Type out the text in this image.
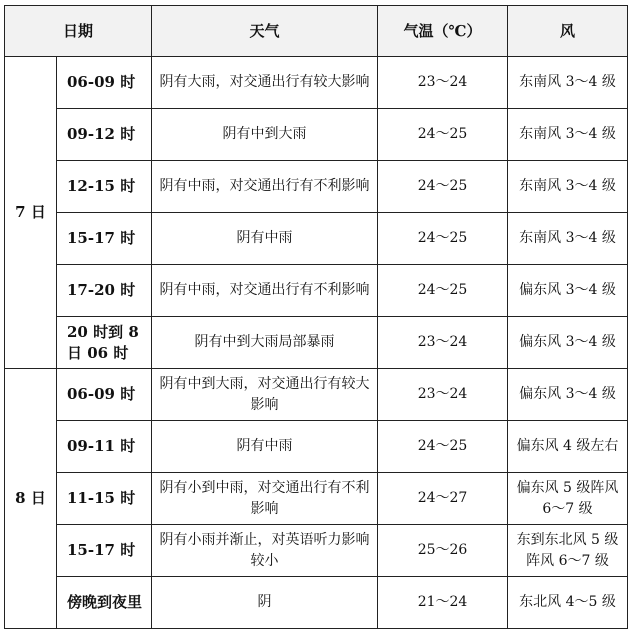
日期		天气	气温（℃）	风
7 日	06-09 时	阴有大雨，对交通出行有较大影响	23～24	东南风 3～4 级
	09-12 时	阴有中到大雨	24～25	东南风 3～4 级
	12-15 时	阴有中雨，对交通出行有不利影响	24～25	东南风 3～4 级
	15-17 时	阴有中雨	24～25	东南风 3～4 级
	17-20 时	阴有中雨，对交通出行有不利影响	24～25	偏东风 3～4 级
	20 时到 8 日 06 时	阴有中到大雨局部暴雨	23～24	偏东风 3～4 级
8 日	06-09 时	阴有中到大雨，对交通出行有较大影响	23～24	偏东风 3～4 级
	09-11 时	阴有中雨	24～25	偏东风 4 级左右
	11-15 时	阴有小到中雨，对交通出行有不利影响	24～27	偏东风 5 级阵风 6～7 级
	15-17 时	阴有小雨并渐止，对英语听力影响较小	25～26	东到东北风 5 级阵风 6～7 级
	傍晚到夜里	阴	21～24	东北风 4～5 级
